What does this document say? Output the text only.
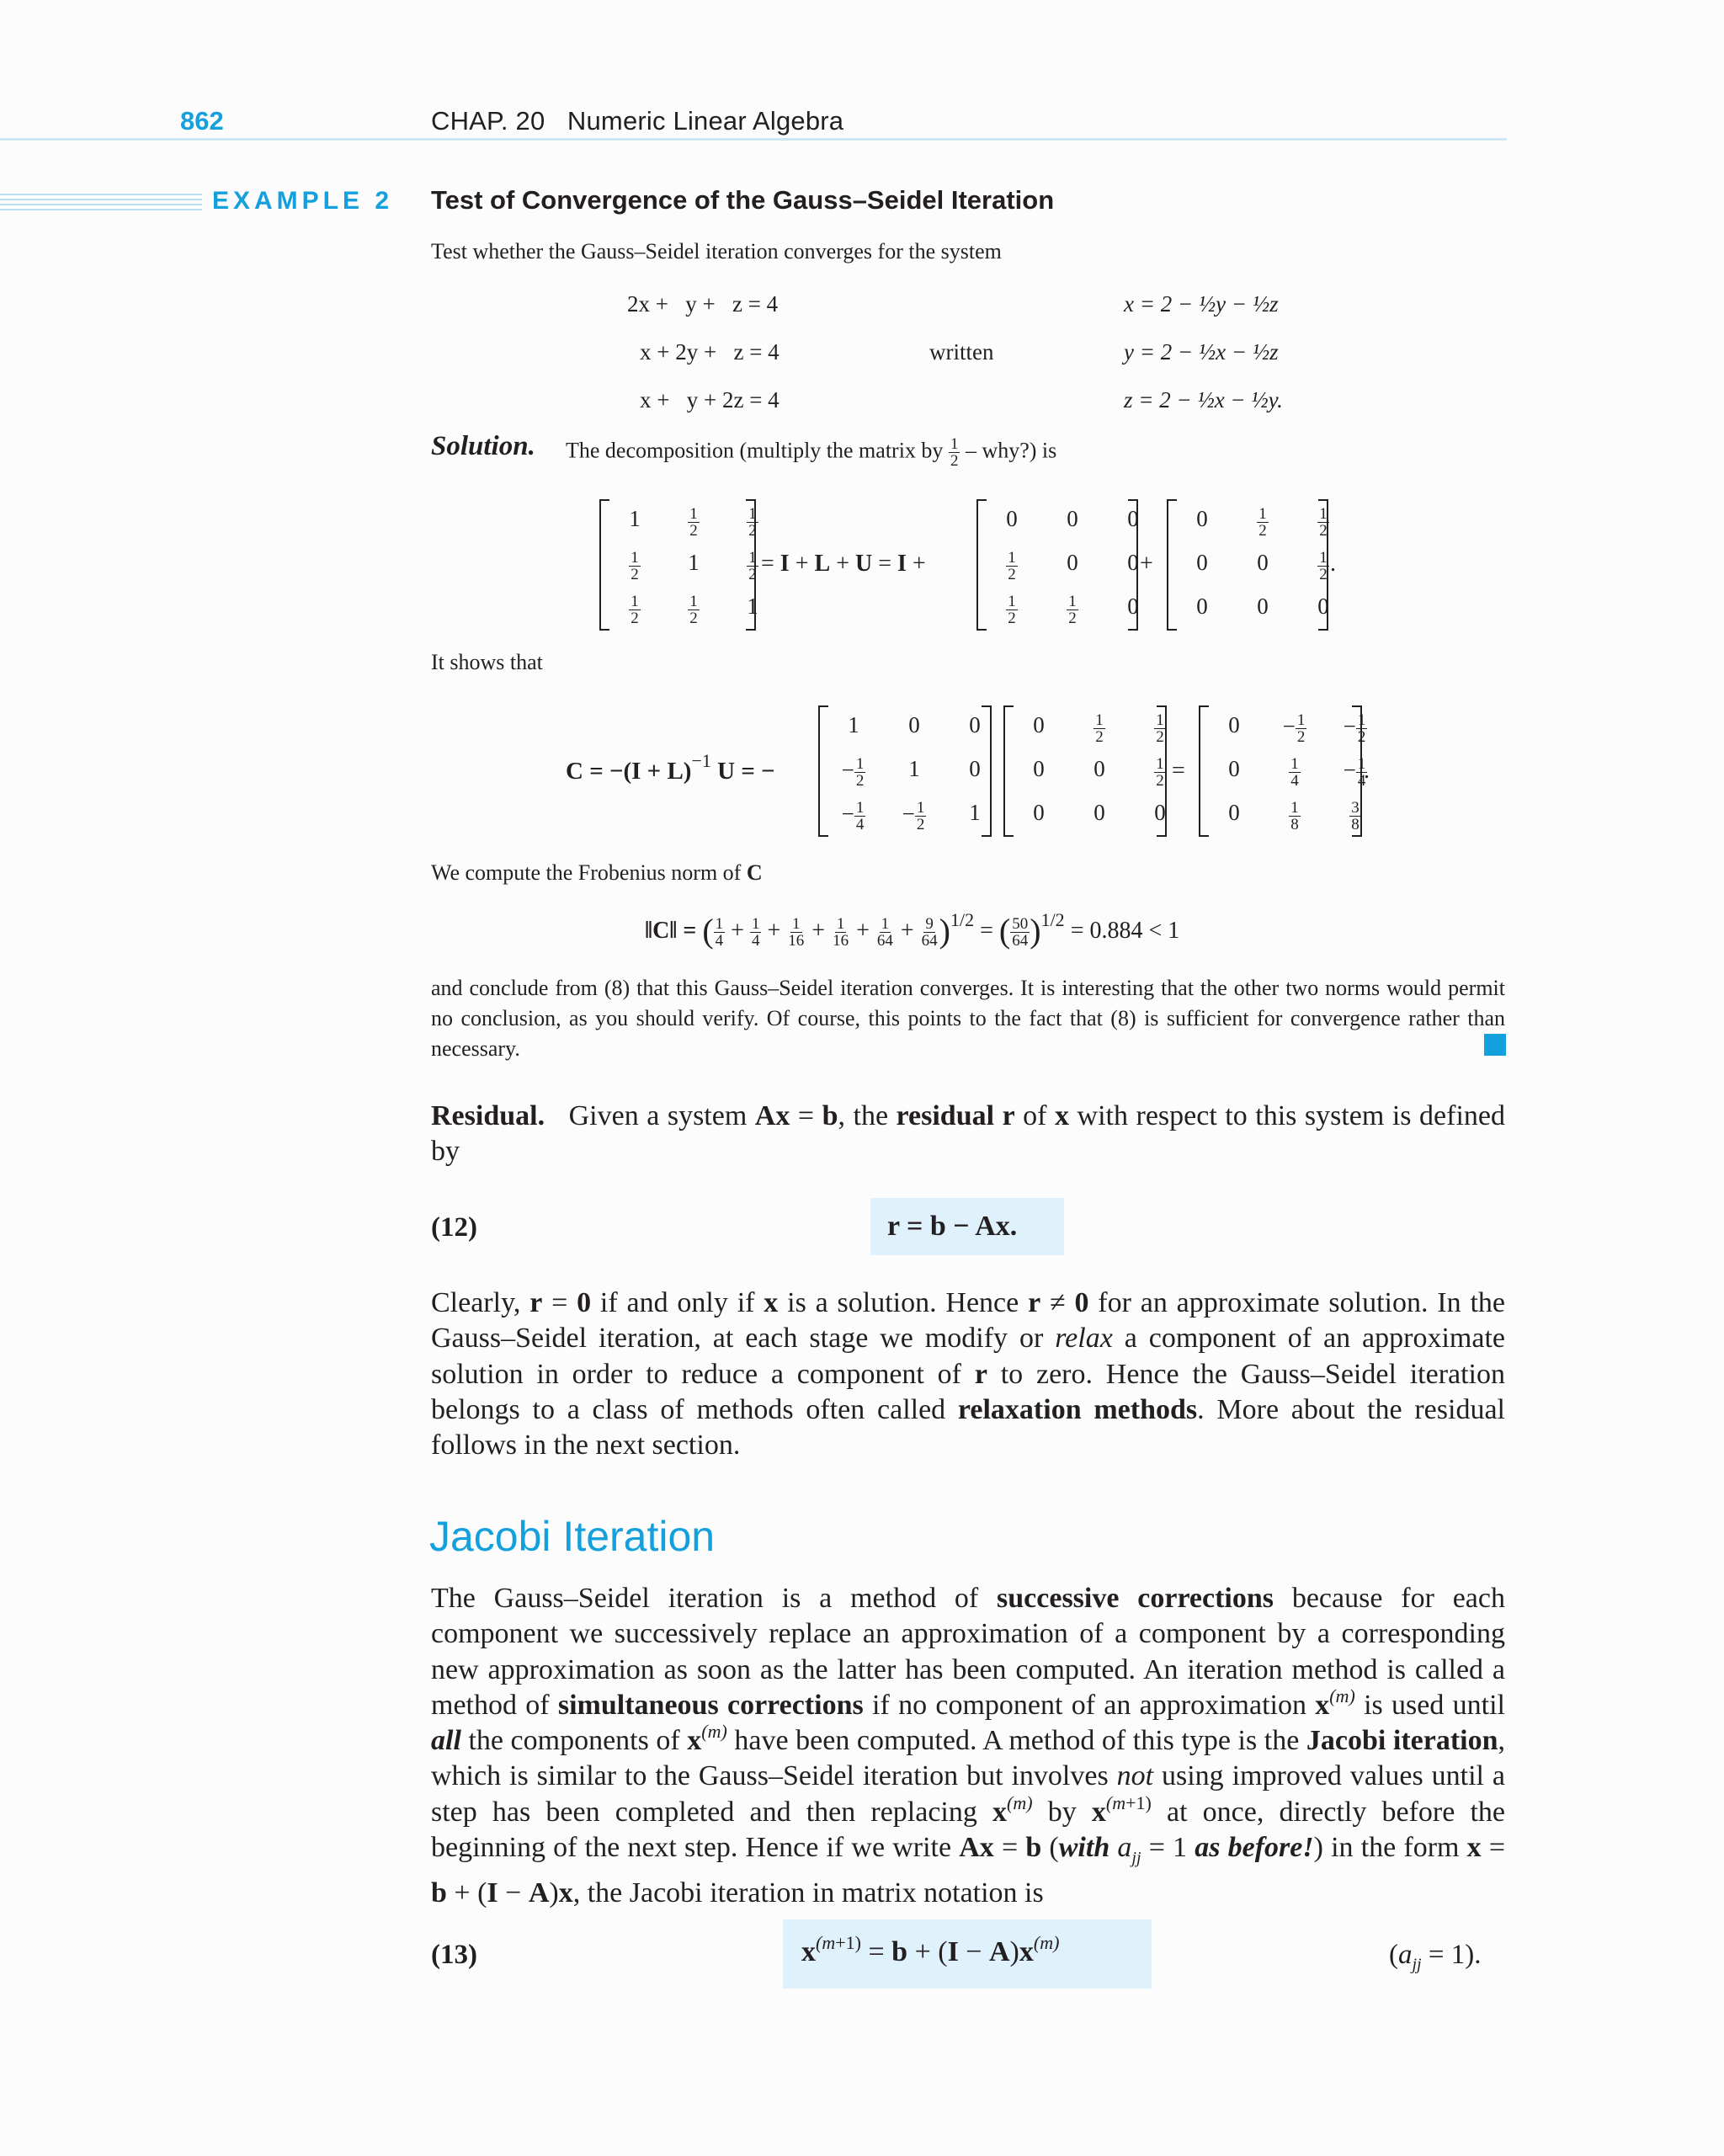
862	CHAP. 20 Numeric Linear Algebra
EXAMPLE 2 Test of Convergence of the Gauss–Seidel Iteration
Test whether the Gauss–Seidel iteration converges for the system
2x +   y +   z = 4
x + 2y +   z = 4
x +   y + 2z = 4
written
x = 2 − ½y − ½z
y = 2 − ½x − ½z
z = 2 − ½x − ½y.
Solution. The decomposition (multiply the matrix by $\frac{1}{2}$ – why?) is
1	$\frac{1}{2}$	$\frac{1}{2}$
$\frac{1}{2}$	1	$\frac{1}{2}$
$\frac{1}{2}$	$\frac{1}{2}$	1
= I + L + U = I +
0	0	0
$\frac{1}{2}$	0	0
$\frac{1}{2}$	$\frac{1}{2}$	0
+
0	$\frac{1}{2}$	$\frac{1}{2}$
0	0	$\frac{1}{2}$
0	0	0
.
It shows that
$C = -(I + L)^{-1}$ U = −
1	0	0
− $\frac{1}{2}$	1	0
− $\frac{1}{4}$	− $\frac{1}{2}$	1
0	$\frac{1}{2}$	$\frac{1}{2}$
0	0	$\frac{1}{2}$
0	0	0
=
0	− $\frac{1}{2}$	− $\frac{1}{2}$
0	$\frac{1}{4}$	− $\frac{1}{4}$
0	$\frac{1}{8}$	$\frac{3}{8}$
.
We compute the Frobenius norm of C
‖C‖ = ( $\frac{1}{4} + \frac{1}{4} + \frac{1}{16} + \frac{1}{16} + \frac{1}{64} + \frac{9}{64} )^{1/2}$ = ( $\frac{50}{64} )^{1/2} = 0.884 < 1$
and conclude from (8) that this Gauss–Seidel iteration converges. It is interesting that the other two norms would permit no conclusion, as you should verify. Of course, this points to the fact that (8) is sufficient for convergence rather than necessary.
Residual.   Given a system Ax = b, the residual r of x with respect to this system is defined by
(12)	r = b − Ax.
Clearly, r = 0 if and only if x is a solution. Hence r ≠ 0 for an approximate solution. In the Gauss–Seidel iteration, at each stage we modify or relax a component of an approximate solution in order to reduce a component of r to zero. Hence the Gauss–Seidel iteration belongs to a class of methods often called relaxation methods. More about the residual follows in the next section.
Jacobi Iteration
The Gauss–Seidel iteration is a method of successive corrections because for each component we successively replace an approximation of a component by a corresponding new approximation as soon as the latter has been computed. An iteration method is called a method of simultaneous corrections if no component of an approximation $x^{(m)}$ is used until all the components of $x^{(m)}$ have been computed. A method of this type is the Jacobi iteration, which is similar to the Gauss–Seidel iteration but involves not using improved values until a step has been completed and then replacing $x^{(m)}$ by $x^{(m+1)}$ at once, directly before the beginning of the next step. Hence if we write Ax = b (with $a_{jj} = 1$ as before!) in the form x = b + (I − A)x, the Jacobi iteration in matrix notation is
(13)	$x^{(m+1)} = b + (I - A)x^{(m)}$	$(a_{jj} = 1)$.
